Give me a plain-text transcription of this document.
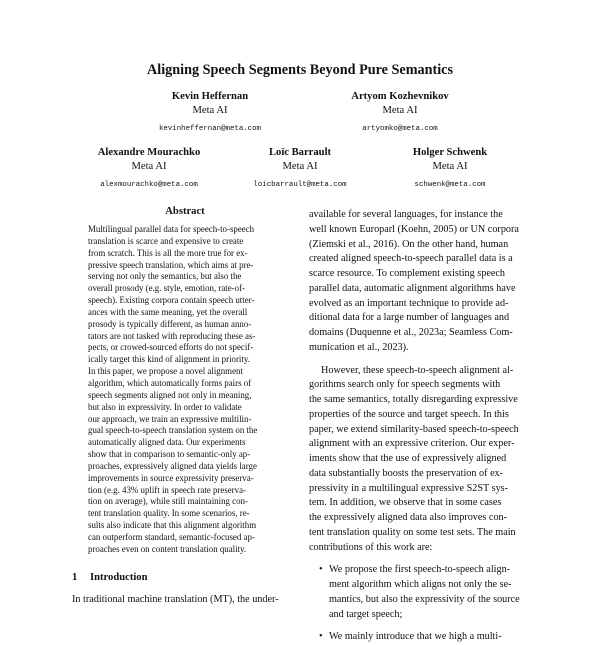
Aligning Speech Segments Beyond Pure Semantics
Kevin Heffernan
Meta AI
kevinheffernan@meta.com
Artyom Kozhevnikov
Meta AI
artyomko@meta.com
Alexandre Mourachko
Meta AI
alexmourachko@meta.com
Loïc Barrault
Meta AI
loicbarrault@meta.com
Holger Schwenk
Meta AI
schwenk@meta.com
Abstract
Multilingual parallel data for speech-to-speech
translation is scarce and expensive to create
from scratch. This is all the more true for ex-
pressive speech translation, which aims at pre-
serving not only the semantics, but also the
overall prosody (e.g. style, emotion, rate-of-
speech). Existing corpora contain speech utter-
ances with the same meaning, yet the overall
prosody is typically different, as human anno-
tators are not tasked with reproducing these as-
pects, or crowed-sourced efforts do not specif-
ically target this kind of alignment in priority.
In this paper, we propose a novel alignment
algorithm, which automatically forms pairs of
speech segments aligned not only in meaning,
but also in expressivity. In order to validate
our approach, we train an expressive multilin-
gual speech-to-speech translation system on the
automatically aligned data. Our experiments
show that in comparison to semantic-only ap-
proaches, expressively aligned data yields large
improvements in source expressivity preserva-
tion (e.g. 43% uplift in speech rate preserva-
tion on average), while still maintaining con-
tent translation quality. In some scenarios, re-
sults also indicate that this alignment algorithm
can outperform standard, semantic-focused ap-
proaches even on content translation quality.
1 Introduction
In traditional machine translation (MT), the under-
available for several languages, for instance the
well known Europarl (Koehn, 2005) or UN corpora
(Ziemski et al., 2016). On the other hand, human
created aligned speech-to-speech parallel data is a
scarce resource. To complement existing speech
parallel data, automatic alignment algorithms have
evolved as an important technique to provide ad-
ditional data for a large number of languages and
domains (Duquenne et al., 2023a; Seamless Com-
munication et al., 2023).
However, these speech-to-speech alignment al-
gorithms search only for speech segments with
the same semantics, totally disregarding expressive
properties of the source and target speech. In this
paper, we extend similarity-based speech-to-speech
alignment with an expressive criterion. Our exper-
iments show that the use of expressively aligned
data substantially boosts the preservation of ex-
pressivity in a multilingual expressive S2ST sys-
tem. In addition, we observe that in some cases
the expressively aligned data also improves con-
tent translation quality on some test sets. The main
contributions of this work are:
• We propose the first speech-to-speech align-
ment algorithm which aligns not only the se-
mantics, but also the expressivity of the source
and target speech;
• We mainly introduce that we high a multi-
